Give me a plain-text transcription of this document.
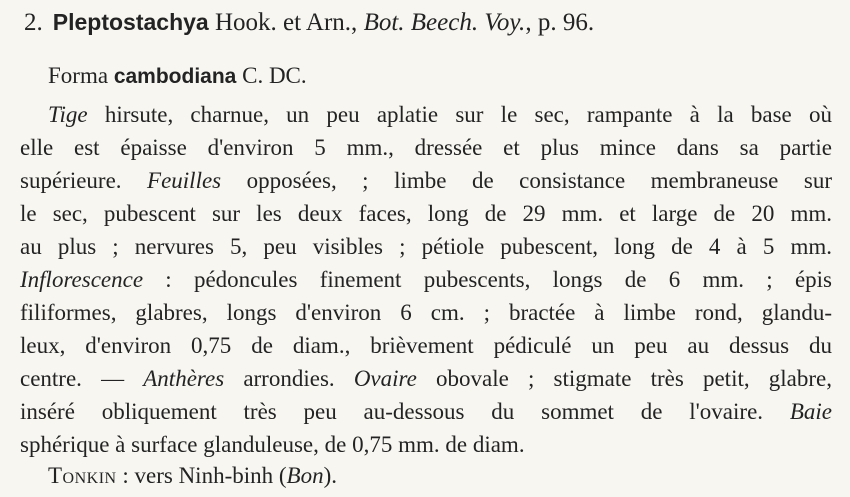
2. Pleptostachya Hook. et Arn., Bot. Beech. Voy., p. 96.
Forma cambodiana C. DC.
Tige hirsute, charnue, un peu aplatie sur le sec, rampante à la base où
elle est épaisse d'environ 5 mm., dressée et plus mince dans sa partie
supérieure. Feuilles opposées, ; limbe de consistance membraneuse sur
le sec, pubescent sur les deux faces, long de 29 mm. et large de 20 mm.
au plus ; nervures 5, peu visibles ; pétiole pubescent, long de 4 à 5 mm.
Inflorescence : pédoncules finement pubescents, longs de 6 mm. ; épis
filiformes, glabres, longs d'environ 6 cm. ; bractée à limbe rond, glandu-
leux, d'environ 0,75 de diam., brièvement pédiculé un peu au dessus du
centre. — Anthères arrondies. Ovaire obovale ; stigmate très petit, glabre,
inséré obliquement très peu au-dessous du sommet de l'ovaire. Baie
sphérique à surface glanduleuse, de 0,75 mm. de diam.
Tonkin : vers Ninh-binh (Bon).
